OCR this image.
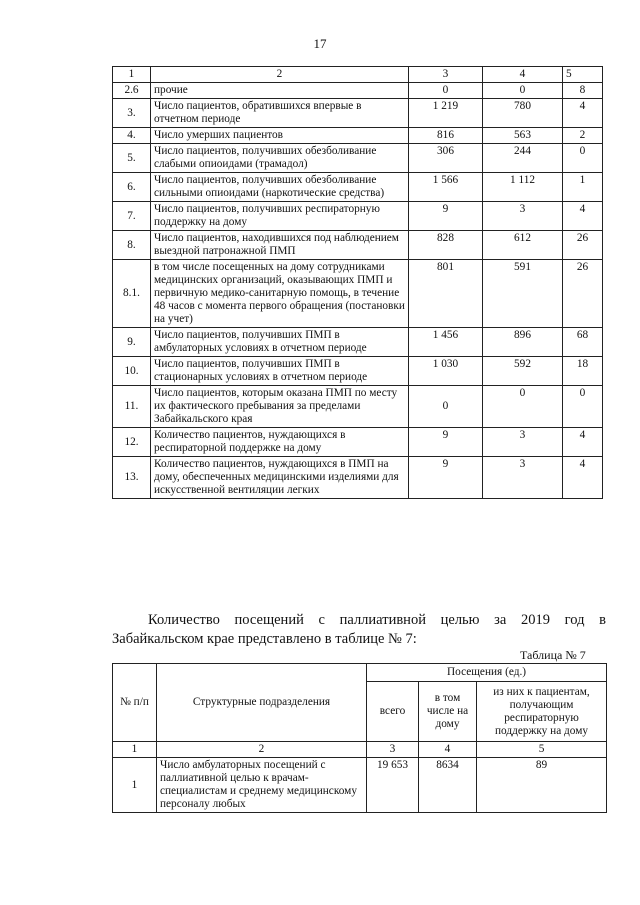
17
1	2	3	4	5
2.6	прочие	0	0	8
3.	Число пациентов, обратившихся впервые в отчетном периоде	1 219	780	4
4.	Число умерших пациентов	816	563	2
5.	Число пациентов, получивших обезболивание слабыми опиоидами (трамадол)	306	244	0
6.	Число пациентов, получивших обезболивание сильными опиоидами (наркотические средства)	1 566	1 112	1
7.	Число пациентов, получивших респираторную поддержку на дому	9	3	4
8.	Число пациентов, находившихся под наблюдением выездной патронажной ПМП	828	612	26
8.1.	в том числе посещенных на дому сотрудниками медицинских организаций, оказывающих ПМП и первичную медико-санитарную помощь, в течение 48 часов с момента первого обращения (постановки на учет)	801	591	26
9.	Число пациентов, получивших ПМП в амбулаторных условиях в отчетном периоде	1 456	896	68
10.	Число пациентов, получивших ПМП в стационарных условиях в отчетном периоде	1 030	592	18
11.	Число пациентов, которым оказана ПМП по месту их фактического пребывания за пределами Забайкальского края	0	0	0
12.	Количество пациентов, нуждающихся в респираторной поддержке на дому	9	3	4
13.	Количество пациентов, нуждающихся в ПМП на дому, обеспеченных медицинскими изделиями для искусственной вентиляции легких	9	3	4
Количество посещений с паллиативной целью за 2019 год в
Забайкальском крае представлено в таблице № 7:
Таблица № 7
№ п/п	Структурные подразделения	Посещения (ед.)		
		всего	в том числе на дому	из них к пациентам, получающим респираторную поддержку на дому
1	2	3	4	5
1	Число амбулаторных посещений с паллиативной целью к врачам-специалистам и среднему медицинскому персоналу любых	19 653	8634	89
